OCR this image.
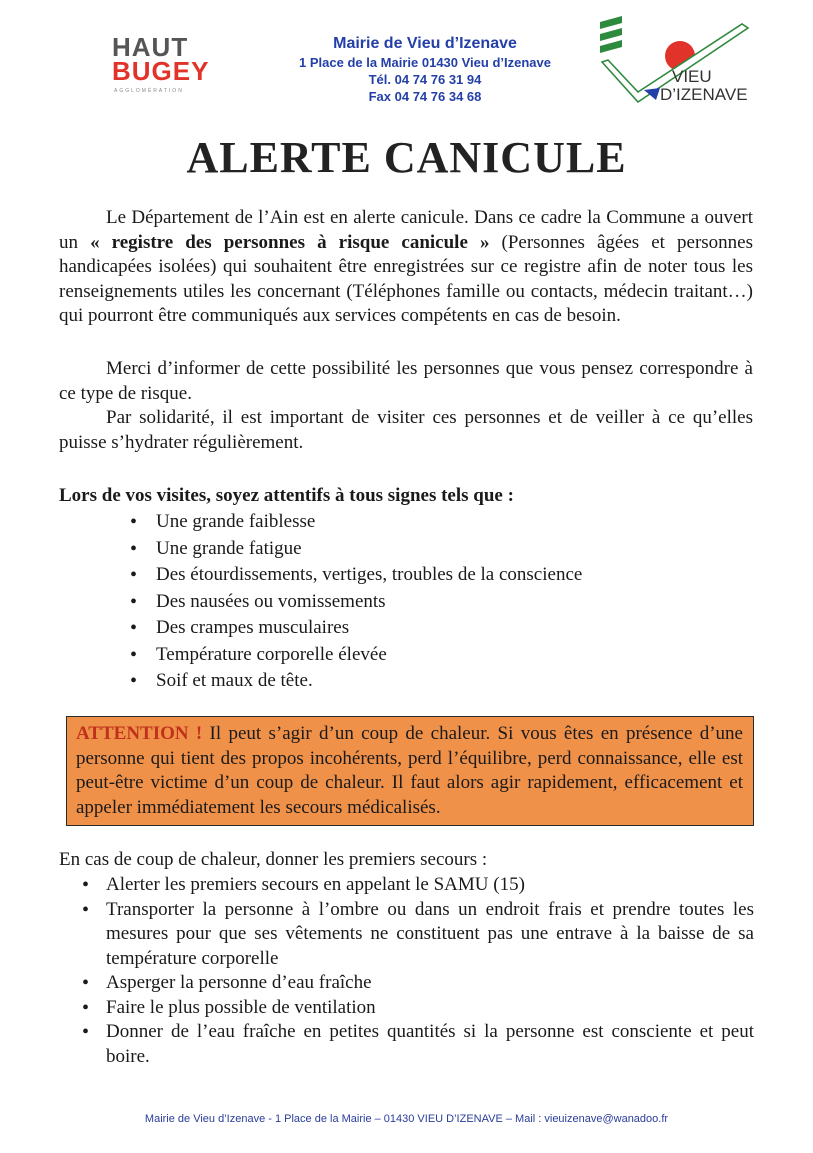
HAUT
BUGEY
AGGLOMÉRATION
Mairie de Vieu d’Izenave
1 Place de la Mairie 01430 Vieu d’Izenave
Tél. 04 74 76 31 94
Fax 04 74 76 34 68
VIEU
D’IZENAVE
ALERTE CANICULE
Le Département de l’Ain est en alerte canicule. Dans ce cadre la Commune a ouvert un « registre des personnes à risque canicule » (Personnes âgées et personnes handicapées isolées) qui souhaitent être enregistrées sur ce registre afin de noter tous les renseignements utiles les concernant (Téléphones famille ou contacts, médecin traitant…) qui pourront être communiqués aux services compétents en cas de besoin.
Merci d’informer de cette possibilité les personnes que vous pensez correspondre à ce type de risque.
Par solidarité, il est important de visiter ces personnes et de veiller à ce qu’elles puisse s’hydrater régulièrement.
Lors de vos visites, soyez attentifs à tous signes tels que :
• Une grande faiblesse
• Une grande fatigue
• Des étourdissements, vertiges, troubles de la conscience
• Des nausées ou vomissements
• Des crampes musculaires
• Température corporelle élevée
• Soif et maux de tête.
ATTENTION ! Il peut s’agir d’un coup de chaleur. Si vous êtes en présence d’une personne qui tient des propos incohérents, perd l’équilibre, perd connaissance, elle est peut-être victime d’un coup de chaleur. Il faut alors agir rapidement, efficacement et appeler immédiatement les secours médicalisés.
En cas de coup de chaleur, donner les premiers secours :
• Alerter les premiers secours en appelant le SAMU (15)
• Transporter la personne à l’ombre ou dans un endroit frais et prendre toutes les mesures pour que ses vêtements ne constituent pas une entrave à la baisse de sa température corporelle
• Asperger la personne d’eau fraîche
• Faire le plus possible de ventilation
• Donner de l’eau fraîche en petites quantités si la personne est consciente et peut boire.
Mairie de Vieu d’Izenave - 1 Place de la Mairie – 01430 VIEU D’IZENAVE – Mail : vieuizenave@wanadoo.fr
